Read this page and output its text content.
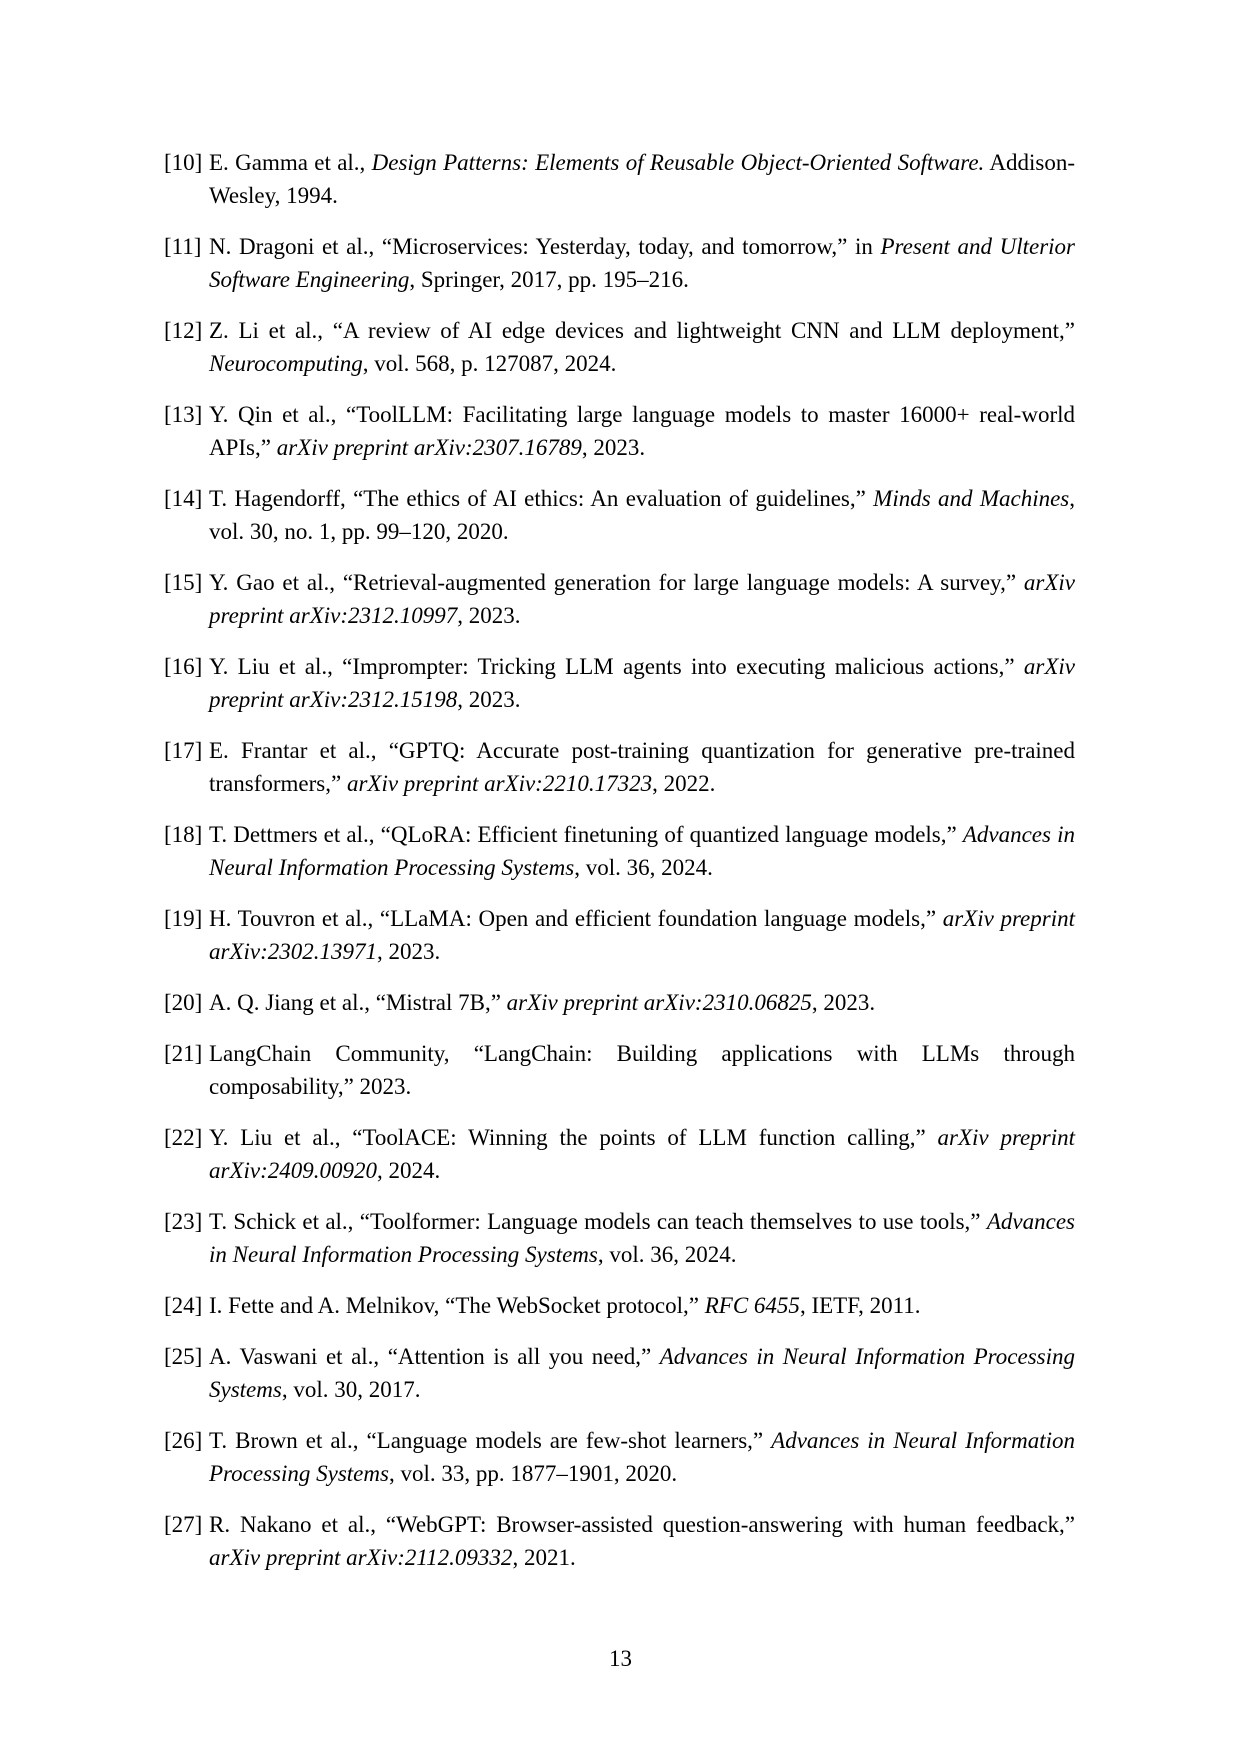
[10] E. Gamma et al., Design Patterns: Elements of Reusable Object-Oriented Software. Addison-Wesley, 1994.
[11] N. Dragoni et al., “Microservices: Yesterday, today, and tomorrow,” in Present and Ulterior Software Engineering, Springer, 2017, pp. 195–216.
[12] Z. Li et al., “A review of AI edge devices and lightweight CNN and LLM deployment,” Neurocomputing, vol. 568, p. 127087, 2024.
[13] Y. Qin et al., “ToolLLM: Facilitating large language models to master 16000+ real-world APIs,” arXiv preprint arXiv:2307.16789, 2023.
[14] T. Hagendorff, “The ethics of AI ethics: An evaluation of guidelines,” Minds and Machines, vol. 30, no. 1, pp. 99–120, 2020.
[15] Y. Gao et al., “Retrieval-augmented generation for large language models: A survey,” arXiv preprint arXiv:2312.10997, 2023.
[16] Y. Liu et al., “Imprompter: Tricking LLM agents into executing malicious actions,” arXiv preprint arXiv:2312.15198, 2023.
[17] E. Frantar et al., “GPTQ: Accurate post-training quantization for generative pre-trained transformers,” arXiv preprint arXiv:2210.17323, 2022.
[18] T. Dettmers et al., “QLoRA: Efficient finetuning of quantized language models,” Advances in Neural Information Processing Systems, vol. 36, 2024.
[19] H. Touvron et al., “LLaMA: Open and efficient foundation language models,” arXiv preprint arXiv:2302.13971, 2023.
[20] A. Q. Jiang et al., “Mistral 7B,” arXiv preprint arXiv:2310.06825, 2023.
[21] LangChain Community, “LangChain: Building applications with LLMs through composability,” 2023.
[22] Y. Liu et al., “ToolACE: Winning the points of LLM function calling,” arXiv preprint arXiv:2409.00920, 2024.
[23] T. Schick et al., “Toolformer: Language models can teach themselves to use tools,” Advances in Neural Information Processing Systems, vol. 36, 2024.
[24] I. Fette and A. Melnikov, “The WebSocket protocol,” RFC 6455, IETF, 2011.
[25] A. Vaswani et al., “Attention is all you need,” Advances in Neural Information Processing Systems, vol. 30, 2017.
[26] T. Brown et al., “Language models are few-shot learners,” Advances in Neural Information Processing Systems, vol. 33, pp. 1877–1901, 2020.
[27] R. Nakano et al., “WebGPT: Browser-assisted question-answering with human feedback,” arXiv preprint arXiv:2112.09332, 2021.
13
